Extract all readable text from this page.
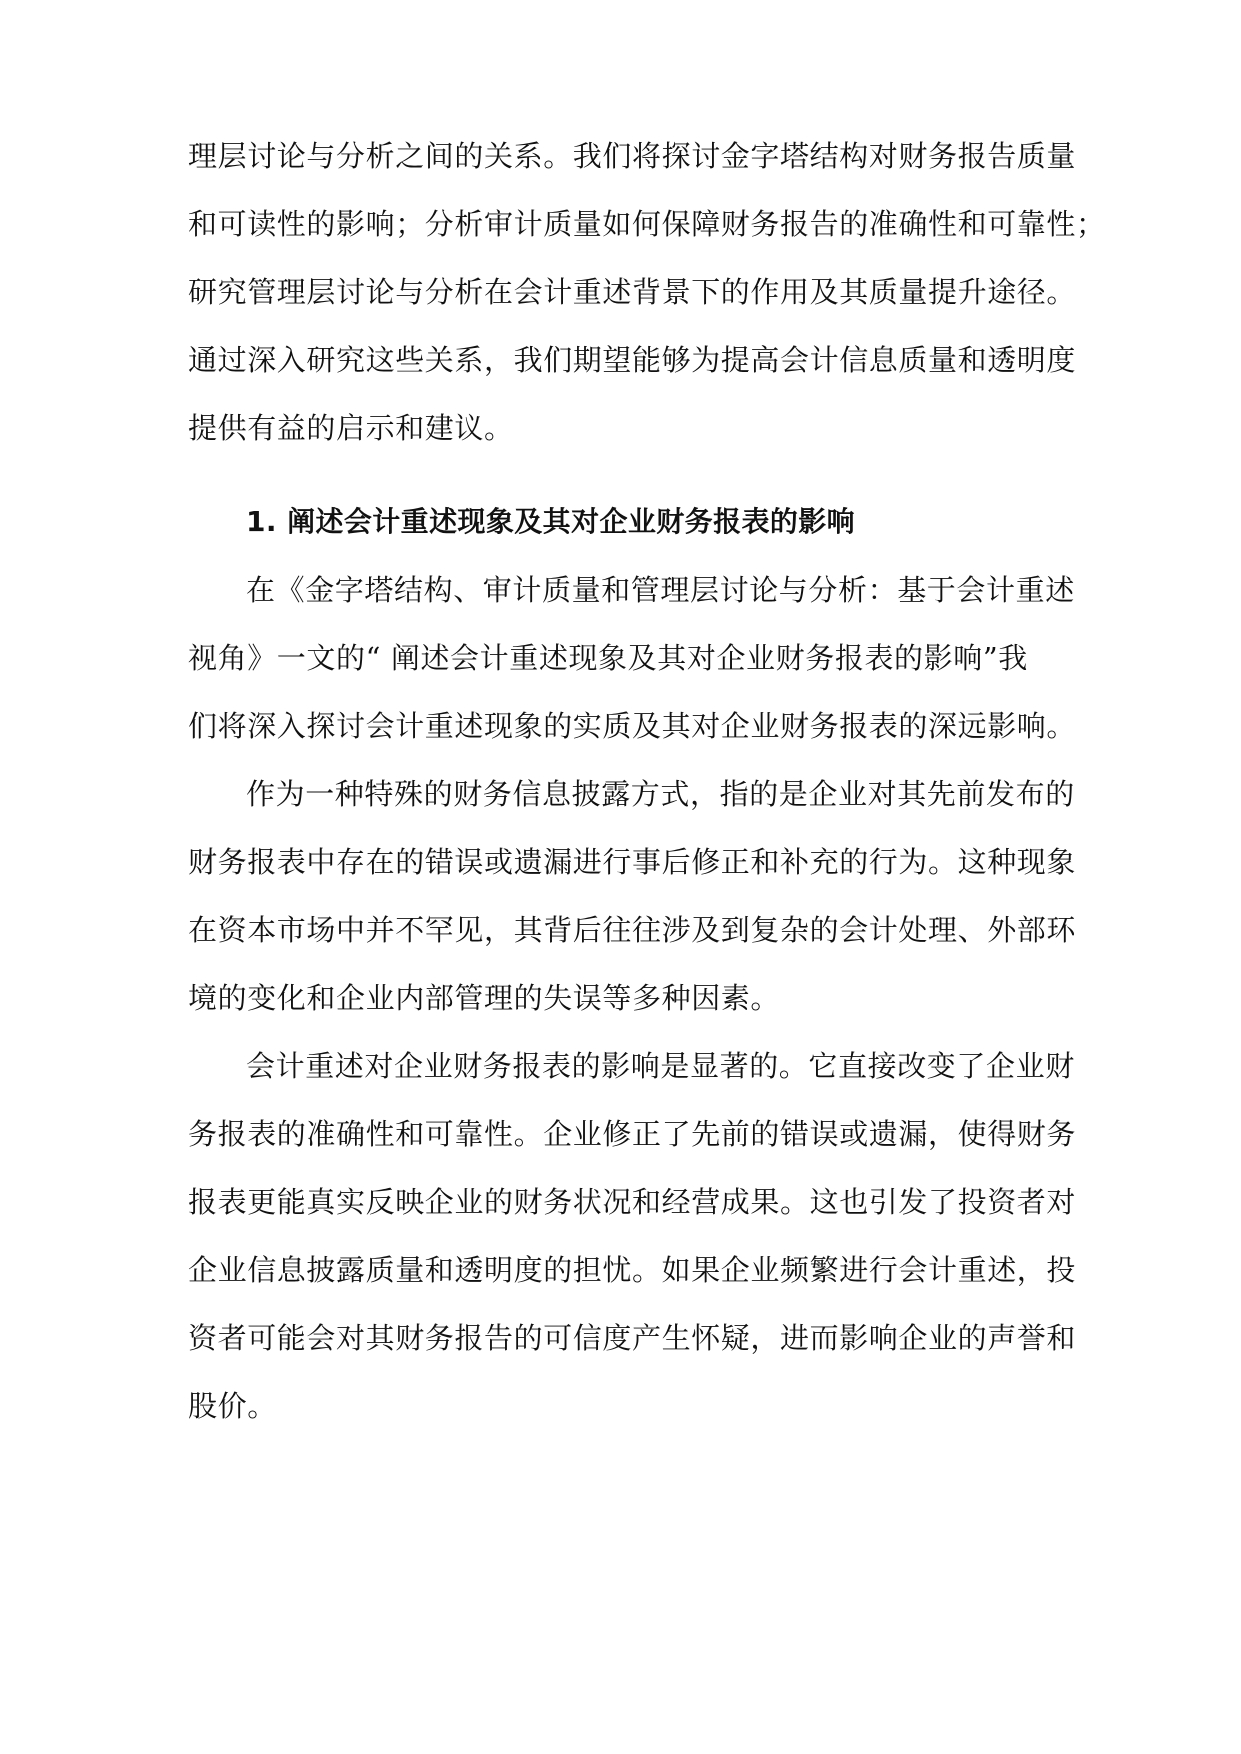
理层讨论与分析之间的关系。我们将探讨金字塔结构对财务报告质量
和可读性的影响；分析审计质量如何保障财务报告的准确性和可靠性；
研究管理层讨论与分析在会计重述背景下的作用及其质量提升途径。
通过深入研究这些关系，我们期望能够为提高会计信息质量和透明度
提供有益的启示和建议。
1. 阐述会计重述现象及其对企业财务报表的影响
在《金字塔结构、审计质量和管理层讨论与分析：基于会计重述
视角》一文的“ 阐述会计重述现象及其对企业财务报表的影响”我
们将深入探讨会计重述现象的实质及其对企业财务报表的深远影响。
作为一种特殊的财务信息披露方式，指的是企业对其先前发布的
财务报表中存在的错误或遗漏进行事后修正和补充的行为。这种现象
在资本市场中并不罕见，其背后往往涉及到复杂的会计处理、外部环
境的变化和企业内部管理的失误等多种因素。
会计重述对企业财务报表的影响是显著的。它直接改变了企业财
务报表的准确性和可靠性。企业修正了先前的错误或遗漏，使得财务
报表更能真实反映企业的财务状况和经营成果。这也引发了投资者对
企业信息披露质量和透明度的担忧。如果企业频繁进行会计重述，投
资者可能会对其财务报告的可信度产生怀疑，进而影响企业的声誉和
股价。
